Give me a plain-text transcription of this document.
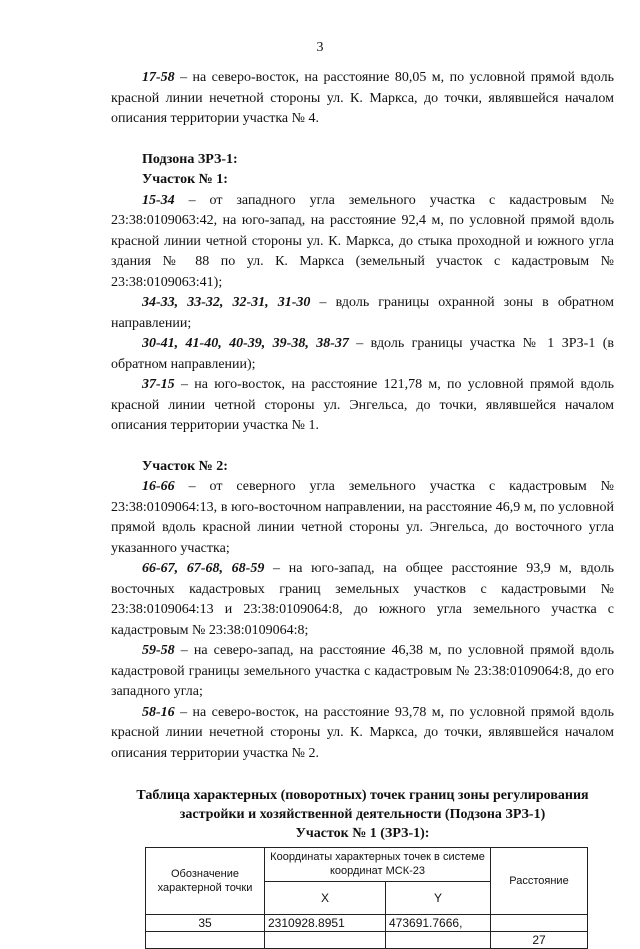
3

17-58 – на северо-восток, на расстояние 80,05 м, по условной прямой вдоль красной линии нечетной стороны ул. К. Маркса, до точки, являвшейся началом описания территории участка № 4.

Подзона ЗРЗ-1:
Участок № 1:

15-34 – от западного угла земельного участка с кадастровым № 23:38:0109063:42, на юго-запад, на расстояние 92,4 м, по условной прямой вдоль красной линии четной стороны ул. К. Маркса, до стыка проходной и южного угла здания № 88 по ул. К. Маркса (земельный участок с кадастровым № 23:38:0109063:41);

34-33, 33-32, 32-31, 31-30 – вдоль границы охранной зоны в обратном направлении;

30-41, 41-40, 40-39, 39-38, 38-37 – вдоль границы участка № 1 ЗРЗ-1 (в обратном направлении);

37-15 – на юго-восток, на расстояние 121,78 м, по условной прямой вдоль красной линии четной стороны ул. Энгельса, до точки, являвшейся началом описания территории участка № 1.

Участок № 2:

16-66 – от северного угла земельного участка с кадастровым № 23:38:0109064:13, в юго-восточном направлении, на расстояние 46,9 м, по условной прямой вдоль красной линии четной стороны ул. Энгельса, до восточного угла указанного участка;

66-67, 67-68, 68-59 – на юго-запад, на общее расстояние 93,9 м, вдоль восточных кадастровых границ земельных участков с кадастровыми № 23:38:0109064:13 и 23:38:0109064:8, до южного угла земельного участка с кадастровым № 23:38:0109064:8;

59-58 – на северо-запад, на расстояние 46,38 м, по условной прямой вдоль кадастровой границы земельного участка с кадастровым № 23:38:0109064:8, до его западного угла;

58-16 – на северо-восток, на расстояние 93,78 м, по условной прямой вдоль красной линии нечетной стороны ул. К. Маркса, до точки, являвшейся началом описания территории участка № 2.

Таблица характерных (поворотных) точек границ зоны регулирования
застройки и хозяйственной деятельности (Подзона ЗРЗ-1)
Участок № 1 (ЗРЗ-1):
Обозначение характерной точки	Координаты характерных точек в системе координат МСК-23		Расстояние
	X	Y	
35	2310928.8951	473691.7666,	
			27
